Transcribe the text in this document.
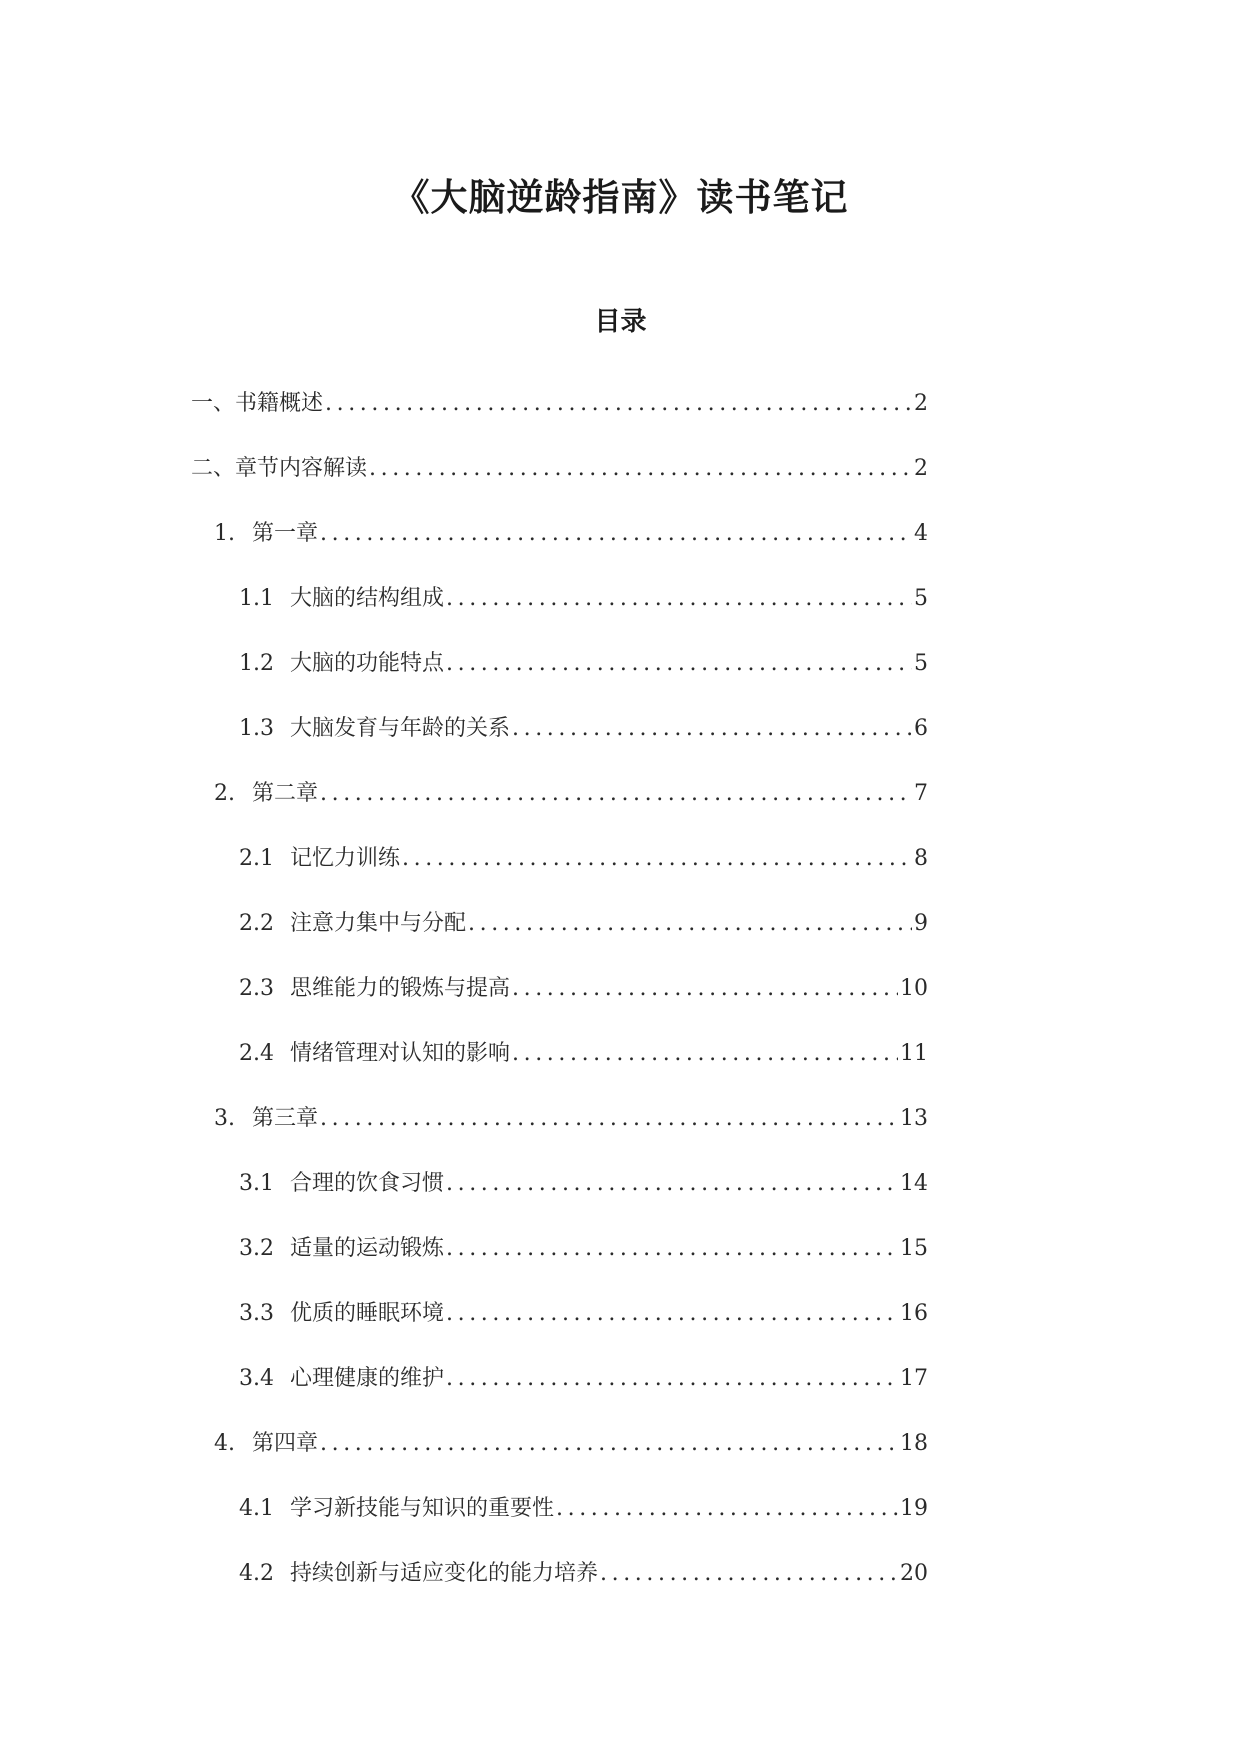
《大脑逆龄指南》读书笔记
目录
一、 书籍概述 .....	2
二、 章节内容解读 .....	2
1. 第一章 .....	4
1.1 大脑的结构组成 .....	5
1.2 大脑的功能特点 .....	5
1.3 大脑发育与年龄的关系 .....	6
2. 第二章 .....	7
2.1 记忆力训练 .....	8
2.2 注意力集中与分配 .....	9
2.3 思维能力的锻炼与提高 .....	10
2.4 情绪管理对认知的影响 .....	11
3. 第三章 .....	13
3.1 合理的饮食习惯 .....	14
3.2 适量的运动锻炼 .....	15
3.3 优质的睡眠环境 .....	16
3.4 心理健康的维护 .....	17
4. 第四章 .....	18
4.1 学习新技能与知识的重要性 .....	19
4.2 持续创新与适应变化的能力培养 .....	20
